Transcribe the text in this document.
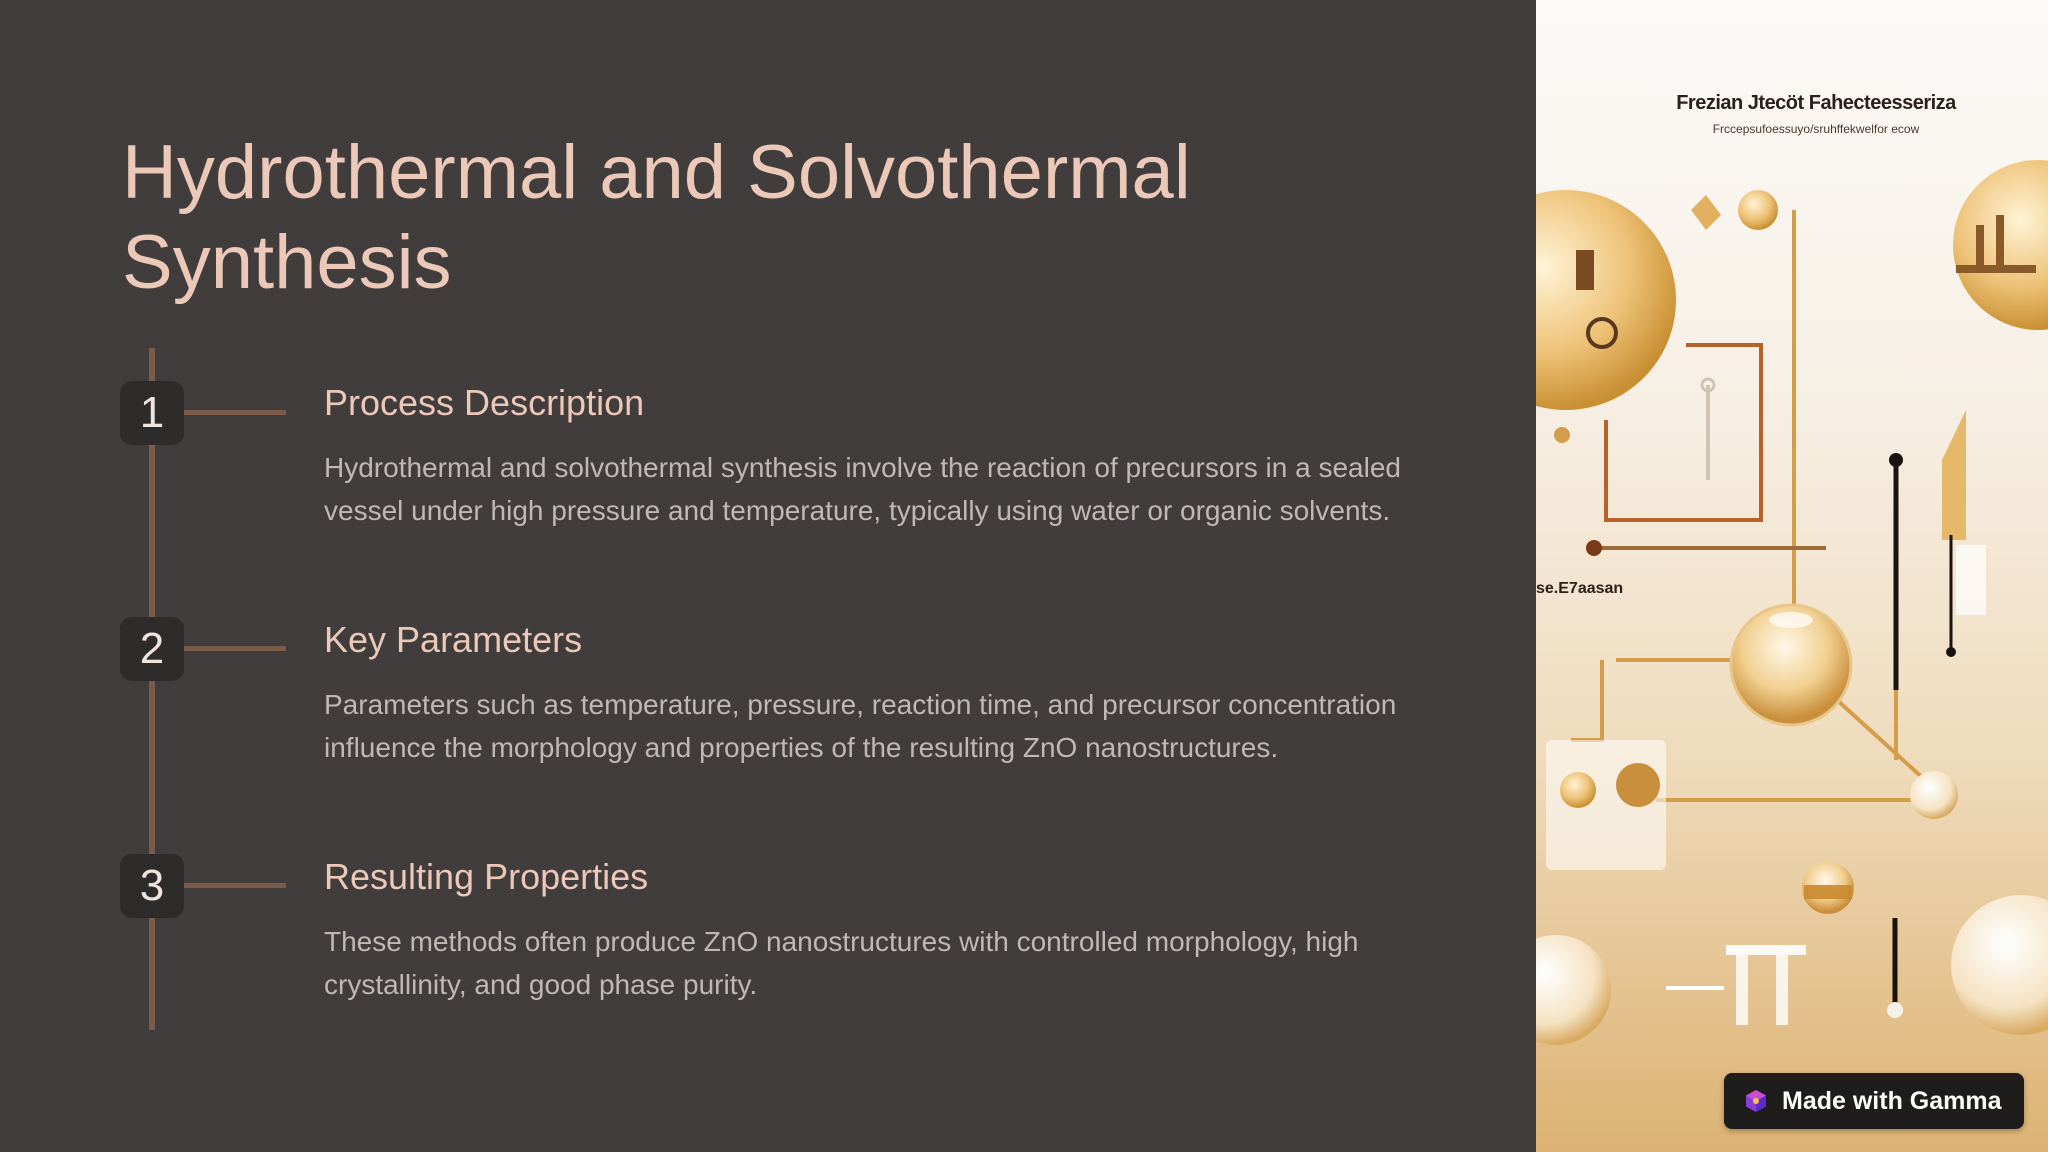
Hydrothermal and Solvothermal Synthesis
1	Process Description

Hydrothermal and solvothermal synthesis involve the reaction of precursors in a sealed vessel under high pressure and temperature, typically using water or organic solvents.

2	Key Parameters

Parameters such as temperature, pressure, reaction time, and precursor concentration influence the morphology and properties of the resulting ZnO nanostructures.

3	Resulting Properties

These methods often produce ZnO nanostructures with controlled morphology, high crystallinity, and good phase purity.

Frezian Jtecöt Fahecteesseriza
Frccepsufoessuyo/sruhffekwelfor ecow
se.E7aasan
Made with Gamma
